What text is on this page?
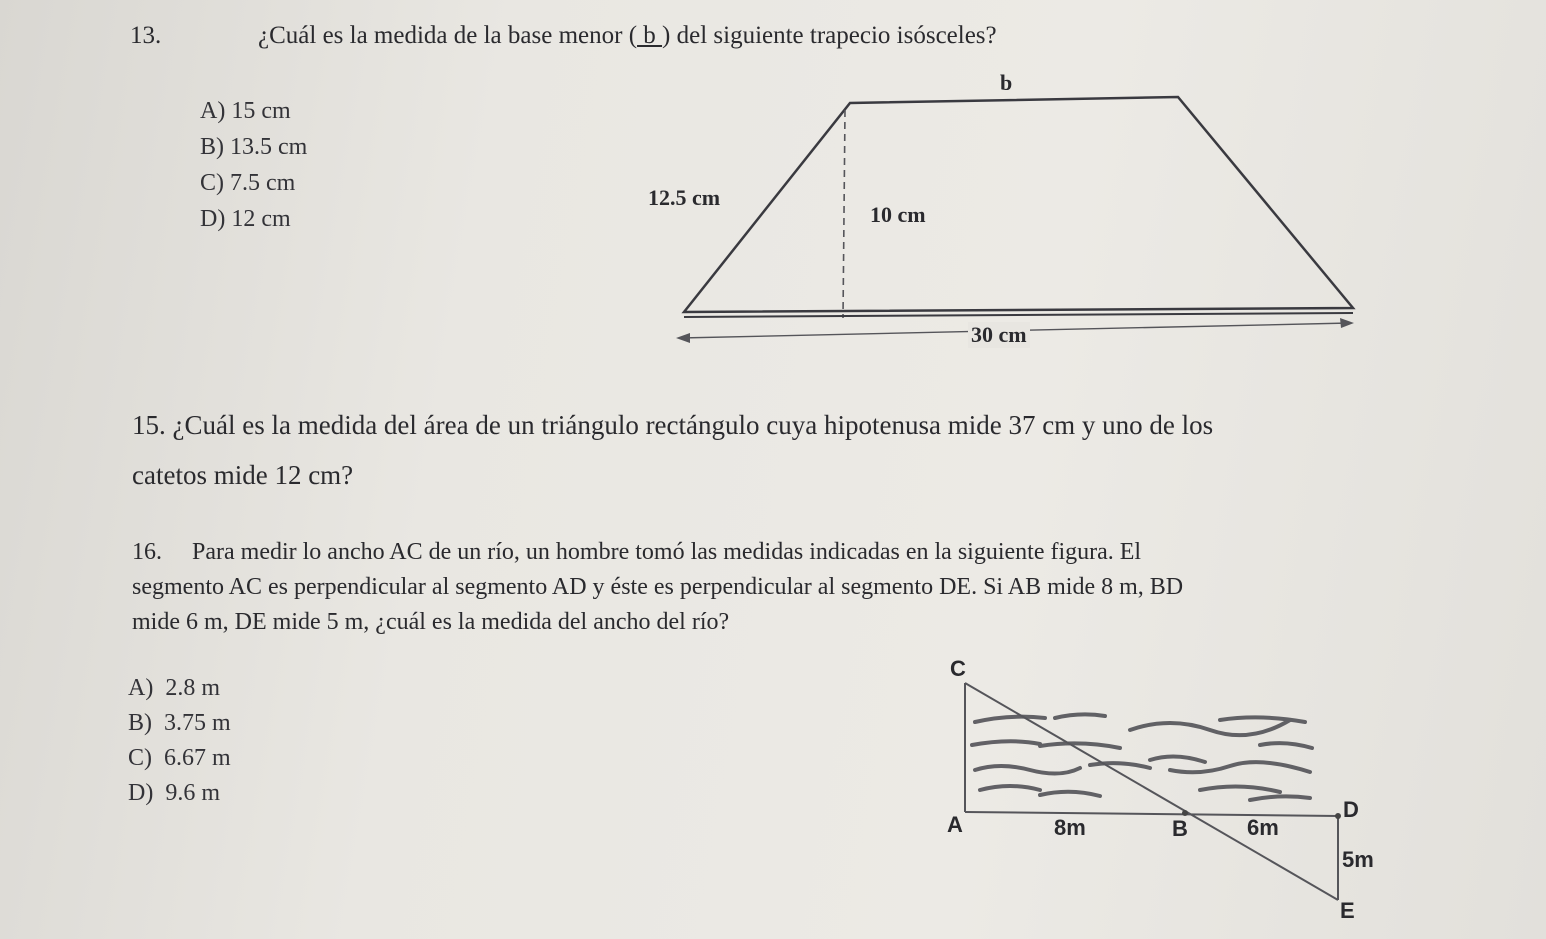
13.	¿Cuál es la medida de la base menor ( b ) del siguiente trapecio isósceles?
A) 15 cm
B) 13.5 cm
C) 7.5 cm
D) 12 cm
b
12.5 cm
10 cm
30 cm
15. ¿Cuál es la medida del área de un triángulo rectángulo cuya hipotenusa mide 37 cm y uno de los
catetos mide 12 cm?
16.     Para medir lo ancho AC de un río, un hombre tomó las medidas indicadas en la siguiente figura. El
segmento AC es perpendicular al segmento AD y éste es perpendicular al segmento DE. Si AB mide 8 m, BD
mide 6 m, DE mide 5 m, ¿cuál es la medida del ancho del río?
A)  2.8 m
B)  3.75 m
C)  6.67 m
D)  9.6 m
C
A	8m	B	6m
D
5m
E
